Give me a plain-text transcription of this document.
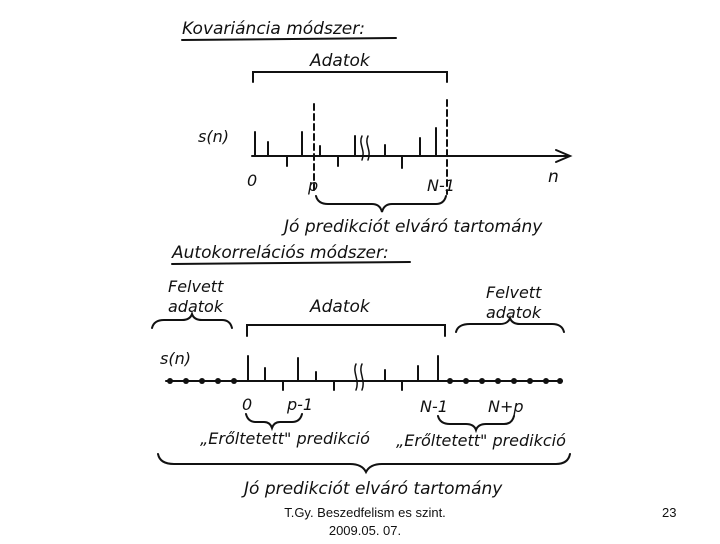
Kovariáncia módszer:
Adatok
s(n)
n
0	p	N-1
Jó predikciót elváró tartomány
Autokorrelációs módszer:
Felvett
adatok
Felvett
adatok
Adatok
s(n)
0 p-1	N-1	N+p
„Erőltetett" predikció „Erőltetett" predikció
Jó predikciót elváró tartomány
T.Gy. Beszedfelism es szint.
2009.05. 07.
23
